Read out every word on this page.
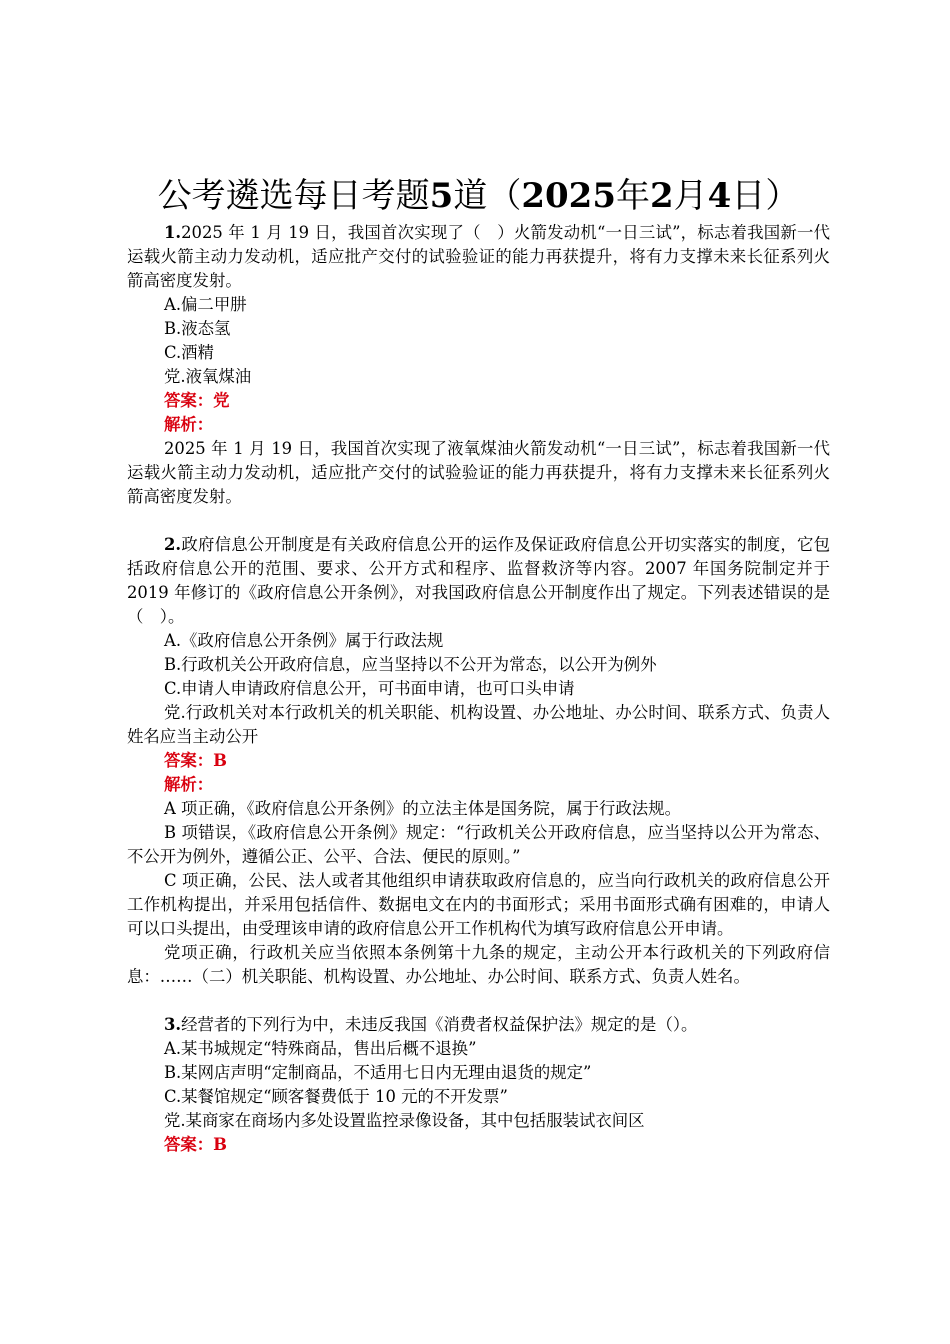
公考遴选每日考题5道（2025年2月4日）

1.2025 年 1 月 19 日，我国首次实现了（　）火箭发动机“一日三试”，标志着我国新一代运载火箭主动力发动机，适应批产交付的试验验证的能力再获提升，将有力支撑未来长征系列火箭高密度发射。

A.偏二甲肼

B.液态氢

C.酒精

党.液氧煤油

答案：党

解析：

2025 年 1 月 19 日，我国首次实现了液氧煤油火箭发动机“一日三试”，标志着我国新一代运载火箭主动力发动机，适应批产交付的试验验证的能力再获提升，将有力支撑未来长征系列火箭高密度发射。

2.政府信息公开制度是有关政府信息公开的运作及保证政府信息公开切实落实的制度，它包括政府信息公开的范围、要求、公开方式和程序、监督救济等内容。2007 年国务院制定并于 2019 年修订的《政府信息公开条例》，对我国政府信息公开制度作出了规定。下列表述错误的是（　）。

A.《政府信息公开条例》属于行政法规

B.行政机关公开政府信息，应当坚持以不公开为常态，以公开为例外

C.申请人申请政府信息公开，可书面申请，也可口头申请

党.行政机关对本行政机关的机关职能、机构设置、办公地址、办公时间、联系方式、负责人姓名应当主动公开

答案：B

解析：

A 项正确，《政府信息公开条例》的立法主体是国务院，属于行政法规。

B 项错误，《政府信息公开条例》规定：“行政机关公开政府信息，应当坚持以公开为常态、不公开为例外，遵循公正、公平、合法、便民的原则。”

C 项正确，公民、法人或者其他组织申请获取政府信息的，应当向行政机关的政府信息公开工作机构提出，并采用包括信件、数据电文在内的书面形式；采用书面形式确有困难的，申请人可以口头提出，由受理该申请的政府信息公开工作机构代为填写政府信息公开申请。

党项正确，行政机关应当依照本条例第十九条的规定，主动公开本行政机关的下列政府信息：……（二）机关职能、机构设置、办公地址、办公时间、联系方式、负责人姓名。

3.经营者的下列行为中，未违反我国《消费者权益保护法》规定的是（）。

A.某书城规定“特殊商品，售出后概不退换”

B.某网店声明“定制商品，不适用七日内无理由退货的规定”

C.某餐馆规定“顾客餐费低于 10 元的不开发票”

党.某商家在商场内多处设置监控录像设备，其中包括服装试衣间区

答案：B
